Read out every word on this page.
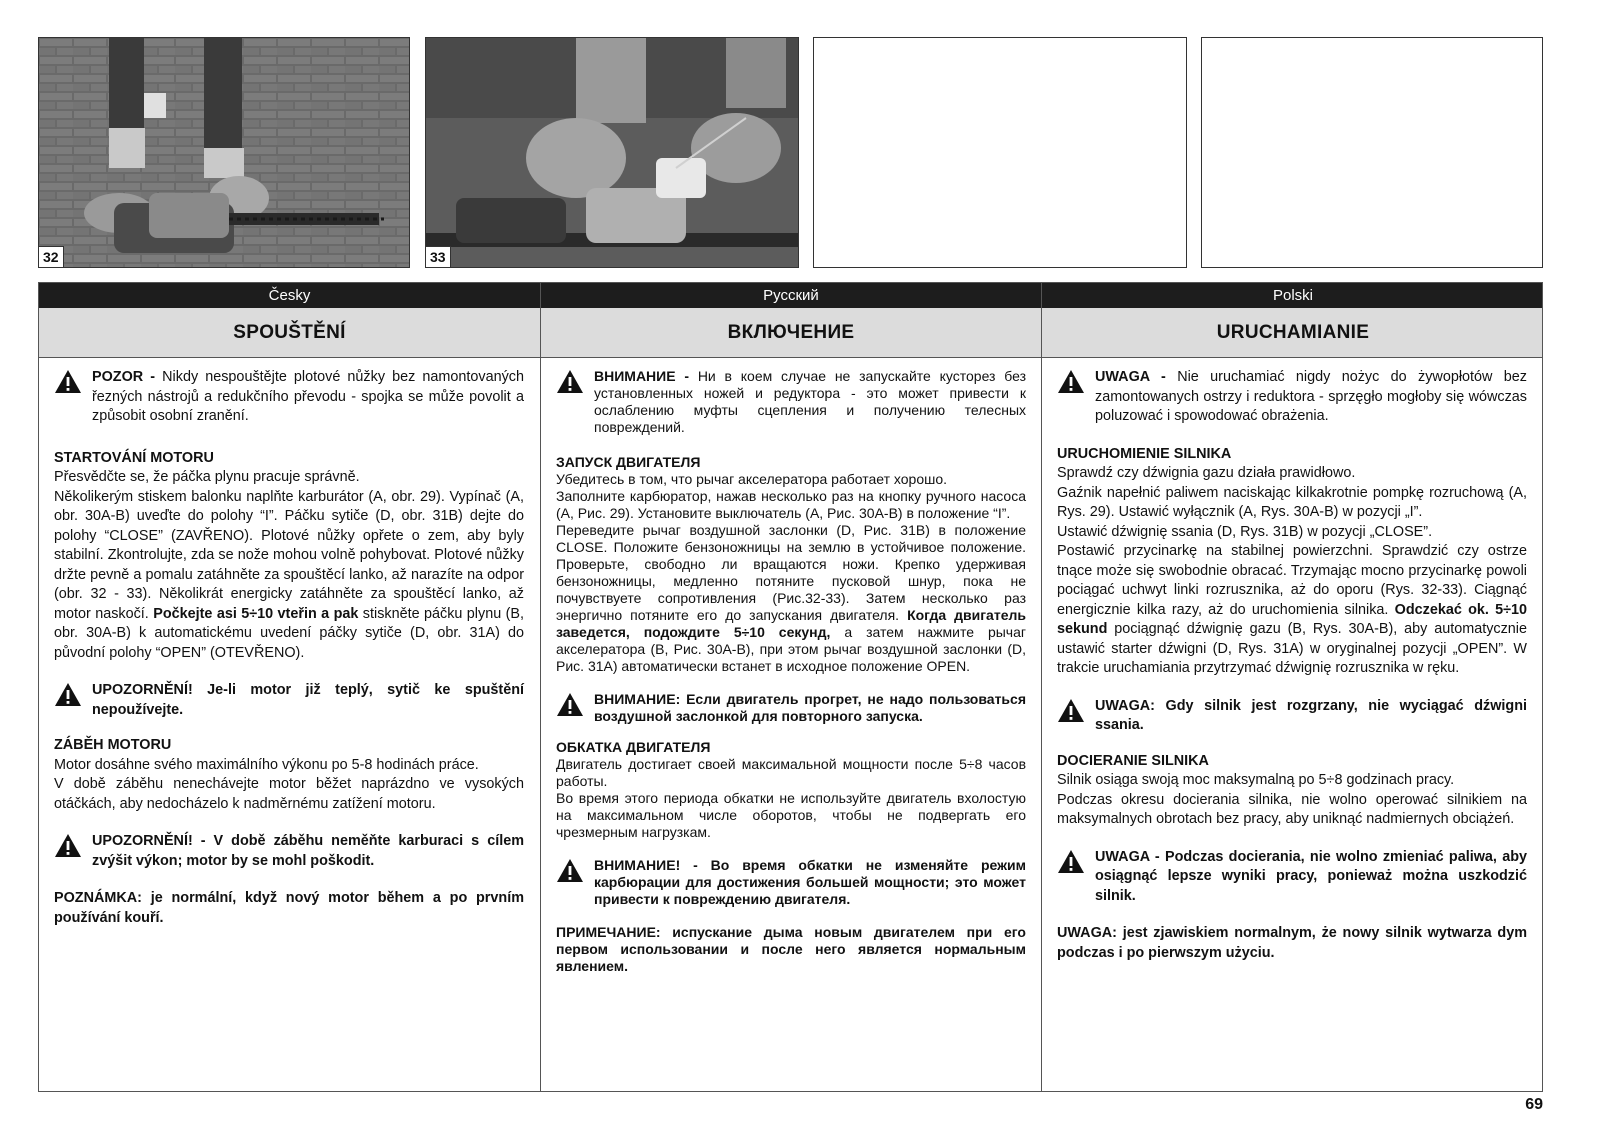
32	33
Česky	Русский	Polski
SPOUŠTĚNÍ	ВКЛЮЧЕНИЕ	URUCHAMIANIE
POZOR - Nikdy nespouštějte plotové nůžky bez namontovaných řezných nástrojů a redukčního převodu - spojka se může povolit a způsobit osobní zranění.
STARTOVÁNÍ MOTORU
Přesvědčte se, že páčka plynu pracuje správně.
Několikerým stiskem balonku naplňte karburátor (A, obr. 29). Vypínač (A, obr. 30A-B) uveďte do polohy “I”. Páčku sytiče (D, obr. 31B) dejte do polohy “CLOSE” (ZAVŘENO). Plotové nůžky opřete o zem, aby byly stabilní. Zkontrolujte, zda se nože mohou volně pohybovat. Plotové nůžky držte pevně a pomalu zatáhněte za spouštěcí lanko, až narazíte na odpor (obr. 32 - 33). Několikrát energicky zatáhněte za spouštěcí lanko, až motor naskočí. Počkejte asi 5÷10 vteřin a pak stiskněte páčku plynu (B, obr. 30A-B) k automatickému uvedení páčky sytiče (D, obr. 31A) do původní polohy “OPEN” (OTEVŘENO).
UPOZORNĚNÍ! Je-li motor již teplý, sytič ke spuštění nepoužívejte.
ZÁBĚH MOTORU
Motor dosáhne svého maximálního výkonu po 5-8 hodinách práce.
V době záběhu nenechávejte motor běžet naprázdno ve vysokých otáčkách, aby nedocházelo k nadměrnému zatížení motoru.
UPOZORNĚNÍ! - V době záběhu neměňte karburaci s cílem zvýšit výkon; motor by se mohl poškodit.
POZNÁMKA: je normální, když nový motor během a po prvním používání kouří.
ВНИМАНИЕ - Ни в коем случае не запускайте кусторез без установленных ножей и редуктора - это может привести к ослаблению муфты сцепления и получению телесных повреждений.
ЗАПУСК ДВИГАТЕЛЯ
Убедитесь в том, что рычаг акселератора работает хорошо.
Заполните карбюратор, нажав несколько раз на кнопку ручного насоса (A, Рис. 29). Установите выключатель (A, Рис. 30A-B) в положение “I”.
Переведите рычаг воздушной заслонки (D, Рис. 31B) в положение CLOSE. Положите бензоножницы на землю в устойчивое положение. Проверьте, свободно ли вращаются ножи. Крепко удерживая бензоножницы, медленно потяните пусковой шнур, пока не почувствуете сопротивления (Рис.32-33). Затем несколько раз энергично потяните его до запускания двигателя. Когда двигатель заведется, подождите 5÷10 секунд, а затем нажмите рычаг акселератора (B, Рис. 30A-B), при этом рычаг воздушной заслонки (D, Рис. 31A) автоматически встанет в исходное положение OPEN.
ВНИМАНИЕ: Если двигатель прогрет, не надо пользоваться воздушной заслонкой для повторного запуска.
ОБКАТКА ДВИГАТЕЛЯ
Двигатель достигает своей максимальной мощности после 5÷8 часов работы.
Во время этого периода обкатки не используйте двигатель вхолостую на максимальном числе оборотов, чтобы не подвергать его чрезмерным нагрузкам.
ВНИМАНИЕ! - Во время обкатки не изменяйте режим карбюрации для достижения большей мощности; это может привести к повреждению двигателя.
ПРИМЕЧАНИЕ: испускание дыма новым двигателем при его первом использовании и после него является нормальным явлением.
UWAGA - Nie uruchamiać nigdy nożyc do żywopłotów bez zamontowanych ostrzy i reduktora - sprzęgło mogłoby się wówczas poluzować i spowodować obrażenia.
URUCHOMIENIE SILNIKA
Sprawdź czy dźwignia gazu działa prawidłowo.
Gaźnik napełnić paliwem naciskając kilkakrotnie pompkę rozruchową (A, Rys. 29). Ustawić wyłącznik (A, Rys. 30A-B) w pozycji „I”.
Ustawić dźwignię ssania (D, Rys. 31B) w pozycji „CLOSE”.
Postawić przycinarkę na stabilnej powierzchni. Sprawdzić czy ostrze tnące może się swobodnie obracać. Trzymając mocno przycinarkę powoli pociągać uchwyt linki rozrusznika, aż do oporu (Rys. 32-33). Ciągnąć energicznie kilka razy, aż do uruchomienia silnika. Odczekać ok. 5÷10 sekund pociągnąć dźwignię gazu (B, Rys. 30A-B), aby automatycznie ustawić starter dźwigni (D, Rys. 31A) w oryginalnej pozycji „OPEN”. W trakcie uruchamiania przytrzymać dźwignię rozrusznika w ręku.
UWAGA: Gdy silnik jest rozgrzany, nie wyciągać dźwigni ssania.
DOCIERANIE SILNIKA
Silnik osiąga swoją moc maksymalną po 5÷8 godzinach pracy.
Podczas okresu docierania silnika, nie wolno operować silnikiem na maksymalnych obrotach bez pracy, aby uniknąć nadmiernych obciążeń.
UWAGA - Podczas docierania, nie wolno zmieniać paliwa, aby osiągnąć lepsze wyniki pracy, ponieważ można uszkodzić silnik.
UWAGA: jest zjawiskiem normalnym, że nowy silnik wytwarza dym podczas i po pierwszym użyciu.
69
